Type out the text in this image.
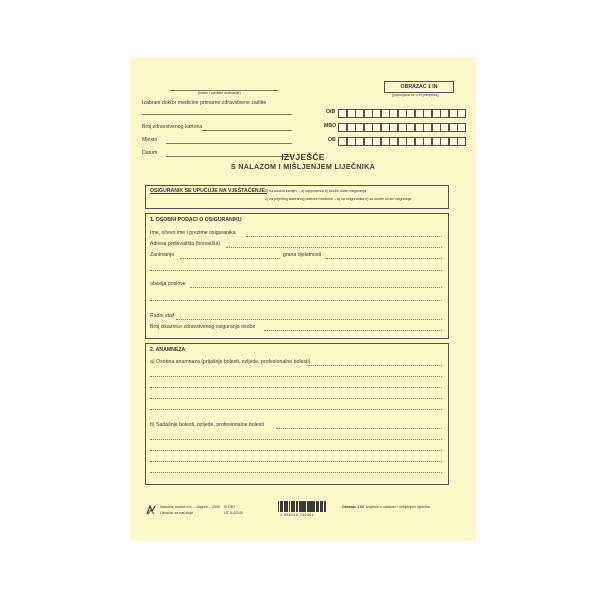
(Naziv i sjedište ordinacije)
Izabrani doktor medicine primarne zdravstvene zaštite
Broj zdravstvenog kartona
Mjesto
Datum
OBRAZAC 1 IN
(popunjava se u tri primjerka)
OIB
MBO
OB
IZVJEŠĆE
S NALAZOM I MIŠLJENJEM LIJEČNIKA
OSIGURANIK SE UPUĆUJE NA VJEŠTAČENJE:
1) na osobni zahtjev – a) osiguranika b) osobe u/van osiguranja
2) na prijedlog izabranog doktora medicine – a) za osiguranika b) za osobe u/van osiguranja
1. OSOBNI PODACI O OSIGURANIKU
Ime, očevo ime i prezime osiguranika
Adresa prebivališta (boravišta)
Zanimanje	grana djelatnosti
obavlja poslove
Radni staž
Broj iskaznice zdravstvenog osiguranja osobe
2. ANAMNEZA
a) Osobna anamneza (prijašnje bolesti, ozljede, profesionalne bolesti)
b) Sadašnje bolesti, ozljede, profesionalne bolesti
Narodne novine d.d. – Zagreb – 2009.
Obrazac se naručuje
III-RBT
UT II-421/III	3 856015 730461
Obrazac 1 IN Izvješće s nalazom i mišljenjem liječnika
